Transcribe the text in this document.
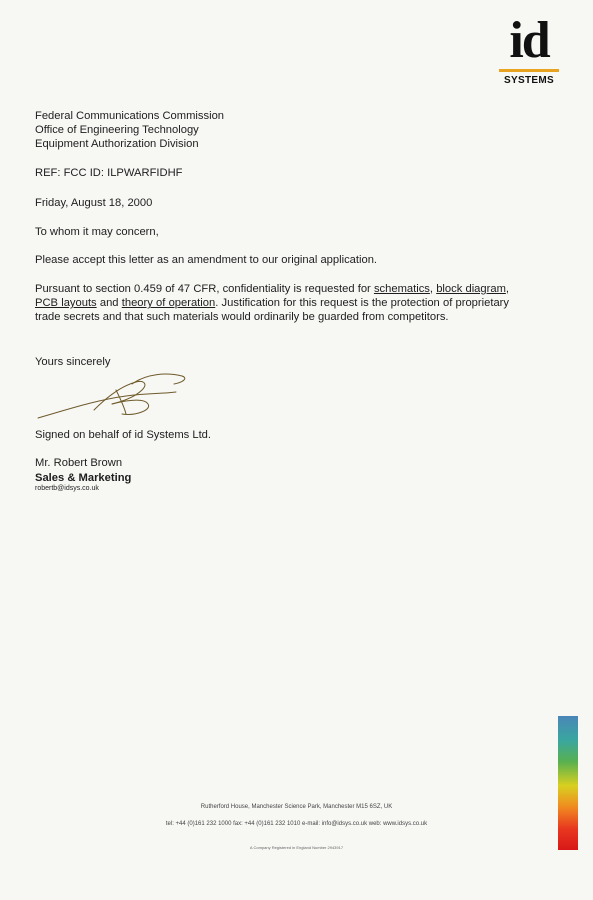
id
SYSTEMS
Federal Communications Commission
Office of Engineering Technology
Equipment Authorization Division
REF: FCC ID: ILPWARFIDHF
Friday, August 18, 2000
To whom it may concern,
Please accept this letter as an amendment to our original application.
Pursuant to section 0.459 of 47 CFR, confidentiality is requested for schematics, block diagram, PCB layouts and theory of operation. Justification for this request is the protection of proprietary trade secrets and that such materials would ordinarily be guarded from competitors.
Yours sincerely
Signed on behalf of id Systems Ltd.
Mr. Robert Brown
Sales & Marketing
robertb@idsys.co.uk
Rutherford House, Manchester Science Park, Manchester M15 6SZ, UK
tel: +44 (0)161 232 1000 fax: +44 (0)161 232 1010 e-mail: info@idsys.co.uk web: www.idsys.co.uk
A Company Registered in England Number 2943917
